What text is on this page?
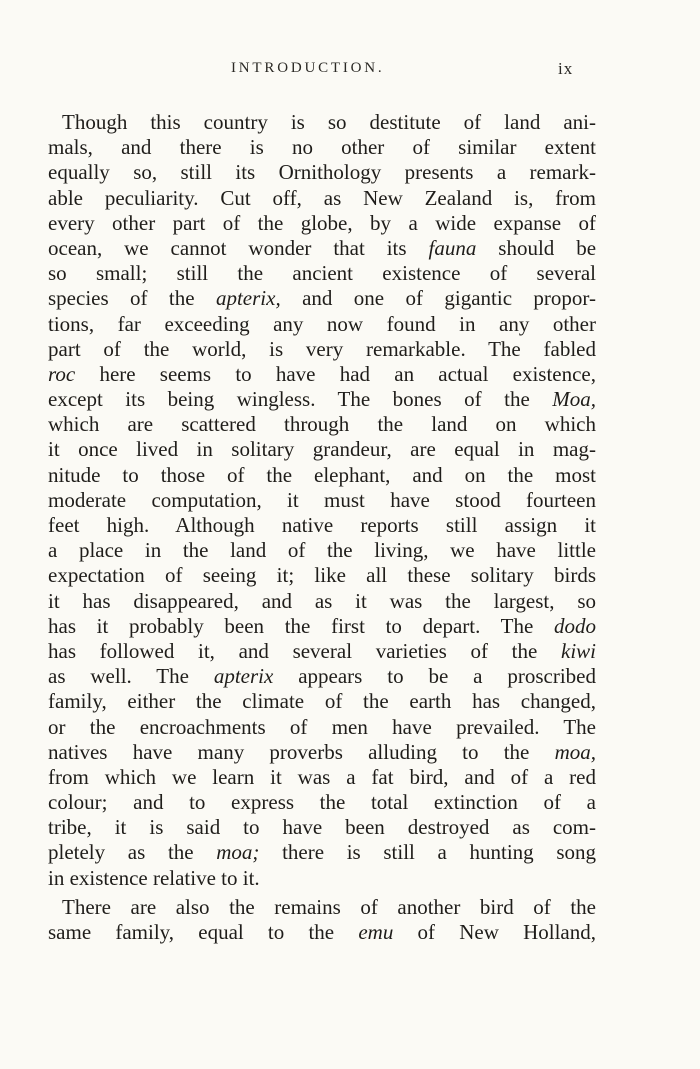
INTRODUCTION.	ix
Though this country is so destitute of land ani-
mals, and there is no other of similar extent
equally so, still its Ornithology presents a remark-
able peculiarity. Cut off, as New Zealand is, from
every other part of the globe, by a wide expanse of
ocean, we cannot wonder that its fauna should be
so small; still the ancient existence of several
species of the apterix, and one of gigantic propor-
tions, far exceeding any now found in any other
part of the world, is very remarkable. The fabled
roc here seems to have had an actual existence,
except its being wingless. The bones of the Moa,
which are scattered through the land on which
it once lived in solitary grandeur, are equal in mag-
nitude to those of the elephant, and on the most
moderate computation, it must have stood fourteen
feet high. Although native reports still assign it
a place in the land of the living, we have little
expectation of seeing it; like all these solitary birds
it has disappeared, and as it was the largest, so
has it probably been the first to depart. The dodo
has followed it, and several varieties of the kiwi
as well. The apterix appears to be a proscribed
family, either the climate of the earth has changed,
or the encroachments of men have prevailed. The
natives have many proverbs alluding to the moa,
from which we learn it was a fat bird, and of a red
colour; and to express the total extinction of a
tribe, it is said to have been destroyed as com-
pletely as the moa; there is still a hunting song
in existence relative to it.
There are also the remains of another bird of the
same family, equal to the emu of New Holland,
